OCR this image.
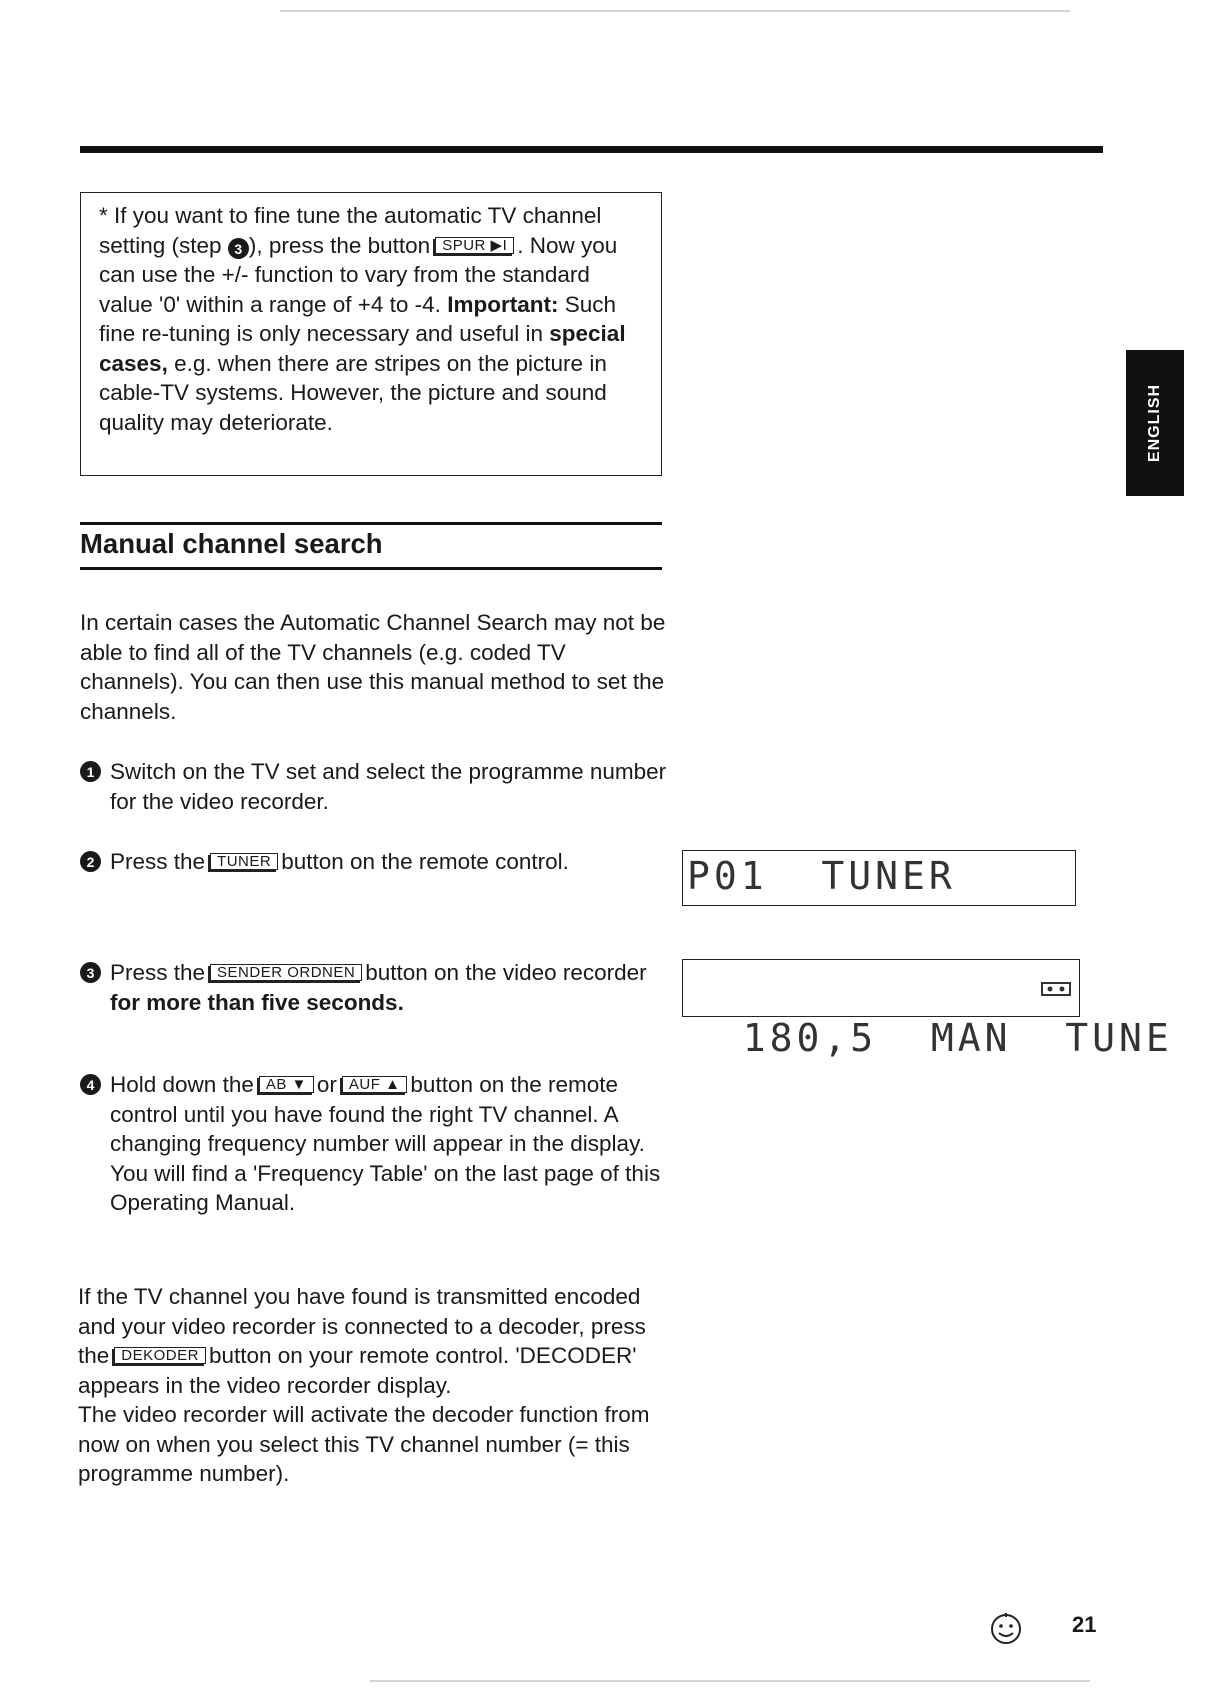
* If you want to fine tune the automatic TV channel setting (step 3 ), press the button SPUR ▶I . Now you can use the +/- function to vary from the standard value '0' within a range of +4 to -4. Important: Such fine re-tuning is only necessary and useful in special cases, e.g. when there are stripes on the picture in cable-TV systems. However, the picture and sound quality may deteriorate.	ENGLISH
Manual channel search
In certain cases the Automatic Channel Search may not be able to find all of the TV channels (e.g. coded TV channels). You can then use this manual method to set the channels.
1 Switch on the TV set and select the programme number for the video recorder.
2 Press the TUNER button on the remote control.	P01  TUNER
3 Press the SENDER ORDNEN button on the video recorder for more than five seconds.

180,5  MAN  TUNE

4 Hold down the AB ▼ or AUF ▲ button on the remote control until you have found the right TV channel. A changing frequency number will appear in the display.
You will find a 'Frequency Table' on the last page of this Operating Manual.
If the TV channel you have found is transmitted encoded and your video recorder is connected to a decoder, press the DEKODER button on your remote control. 'DECODER' appears in the video recorder display.
The video recorder will activate the decoder function from now on when you select this TV channel number (= this programme number).
21
